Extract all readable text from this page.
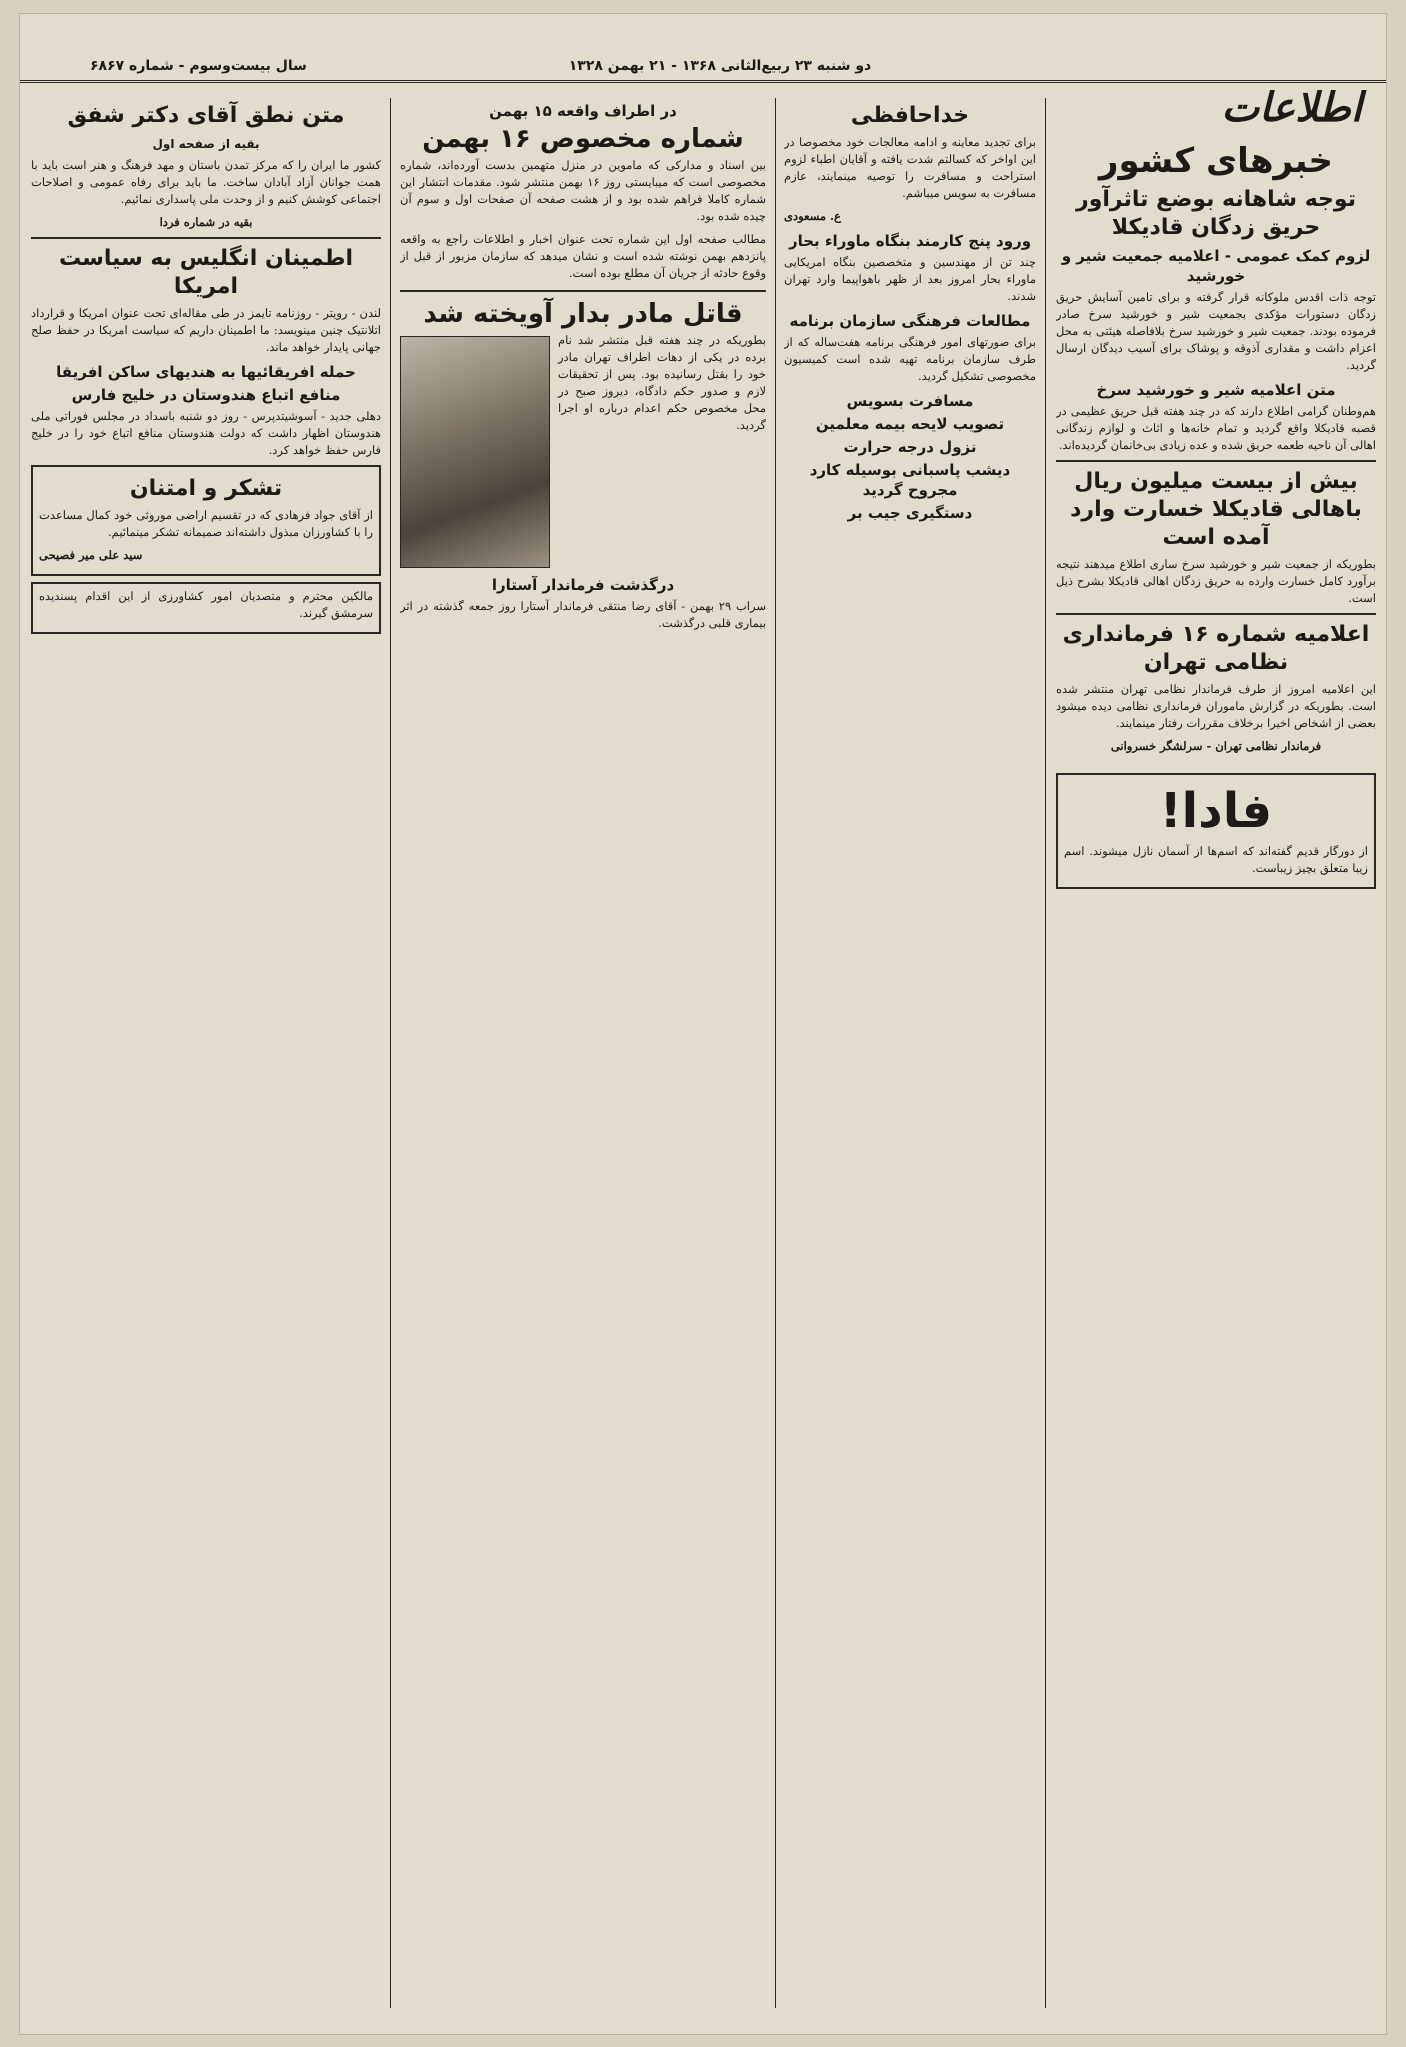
سال بیست‌وسوم - شماره ۶۸۶۷	دو شنبه ۲۳ ربیع‌الثانی ۱۳۶۸ - ۲۱ بهمن ۱۳۲۸
اطلاعات
خبرهای کشور
توجه شاهانه بوضع تاثرآور حریق زدگان قادیکلا
لزوم کمک عمومی - اعلامیه جمعیت شیر و خورشید

توجه ذات اقدس ملوکانه قرار گرفته و برای تامین آسایش حریق زدگان دستورات مؤکدی بجمعیت شیر و خورشید سرخ صادر فرموده بودند. جمعیت شیر و خورشید سرخ بلافاصله هیئتی به محل اعزام داشت و مقداری آذوقه و پوشاک برای آسیب دیدگان ارسال گردید.

متن اعلامیه شیر و خورشید سرخ

هم‌وطنان گرامی اطلاع دارند که در چند هفته قبل حریق عظیمی در قصبه قادیکلا واقع گردید و تمام خانه‌ها و اثاث و لوازم زندگانی اهالی آن ناحیه طعمه حریق شده و عده زیادی بی‌خانمان گردیده‌اند.

بیش از بیست میلیون ریال باهالی قادیکلا خسارت وارد آمده است

بطوریکه از جمعیت شیر و خورشید سرخ ساری اطلاع میدهند نتیجه برآورد کامل خسارت وارده به حریق زدگان اهالی قادیکلا بشرح ذیل است.

اعلامیه شماره ۱۶ فرمانداری نظامی تهران

این اعلامیه امروز از طرف فرماندار نظامی تهران منتشر شده است. بطوریکه در گزارش ماموران فرمانداری نظامی دیده میشود بعضی از اشخاص اخیرا برخلاف مقررات رفتار مینمایند.

فرماندار نظامی تهران - سرلشگر خسروانی

فادا!

از دورگار قدیم گفته‌اند که اسم‌ها از آسمان نازل میشوند. اسم زیبا متعلق بچیز زیباست.

خداحافظی

برای تجدید معاینه و ادامه معالجات خود مخصوصا در این اواخر که کسالتم شدت یافته و آقایان اطباء لزوم استراحت و مسافرت را توصیه مینمایند، عازم مسافرت به سویس میباشم.

ع. مسعودی

ورود پنج کارمند بنگاه ماوراء بحار

چند تن از مهندسین و متخصصین بنگاه امریکایی ماوراء بحار امروز بعد از ظهر باهواپیما وارد تهران شدند.

مطالعات فرهنگی سازمان برنامه

برای صورتهای امور فرهنگی برنامه هفت‌ساله که از طرف سازمان برنامه تهیه شده است کمیسیون مخصوصی تشکیل گردید.

مسافرت بسویس
تصویب لایحه بیمه معلمین
نزول درجه حرارت
دیشب پاسبانی بوسیله کارد مجروح گردید
دستگیری جیب بر
در اطراف واقعه ۱۵ بهمن
شماره مخصوص ۱۶ بهمن

بین اسناد و مدارکی که ماموین در منزل متهمین بدست آورده‌اند، شماره مخصوصی است که میبایستی روز ۱۶ بهمن منتشر شود. مقدمات انتشار این شماره کاملا فراهم شده بود و از هشت صفحه آن صفحات اول و سوم آن چیده شده بود.

مطالب صفحه اول این شماره تحت عنوان اخبار و اطلاعات راجع به واقعه پانزدهم بهمن نوشته شده است و نشان میدهد که سازمان مزبور از قبل از وقوع حادثه از جریان آن مطلع بوده است.

قاتل مادر بدار آویخته شد

بطوریکه در چند هفته قبل منتشر شد نام برده در یکی از دهات اطراف تهران مادر خود را بقتل رسانیده بود. پس از تحقیقات لازم و صدور حکم دادگاه، دیروز صبح در محل مخصوص حکم اعدام درباره او اجرا گردید.

درگذشت فرماندار آستارا

سراب ۲۹ بهمن - آقای رضا منتقی فرماندار آستارا روز جمعه گذشته در اثر بیماری قلبی درگذشت.

متن نطق آقای دکتر شفق
بقیه از صفحه اول

کشور ما ایران را که مرکز تمدن باستان و مهد فرهنگ و هنر است باید با همت جوانان آزاد آبادان ساخت. ما باید برای رفاه عمومی و اصلاحات اجتماعی کوشش کنیم و از وحدت ملی پاسداری نمائیم.

بقیه در شماره فردا

اطمینان انگلیس به سیاست امریکا

لندن - رویتر - روزنامه تایمز در طی مقاله‌ای تحت عنوان امریکا و قرارداد اتلانتیک چنین مینویسد: ما اطمینان داریم که سیاست امریکا در حفظ صلح جهانی پایدار خواهد ماند.

حمله افریقائیها به هندیهای ساکن افریقا
منافع اتباع هندوستان در خلیج فارس

دهلی جدید - آسوشیتدپرس - روز دو شنبه باسداد در مجلس فوراتی ملی هندوستان اظهار داشت که دولت هندوستان منافع اتباع خود را در خلیج فارس حفظ خواهد کرد.

تشکر و امتنان

از آقای جواد فرهادی که در تقسیم اراضی موروثی خود کمال مساعدت را با کشاورزان مبذول داشته‌اند صمیمانه تشکر مینمائیم.

سید علی میر فصیحی

مالکین محترم و متصدیان امور کشاورزی از این اقدام پسندیده سرمشق گیرند.
